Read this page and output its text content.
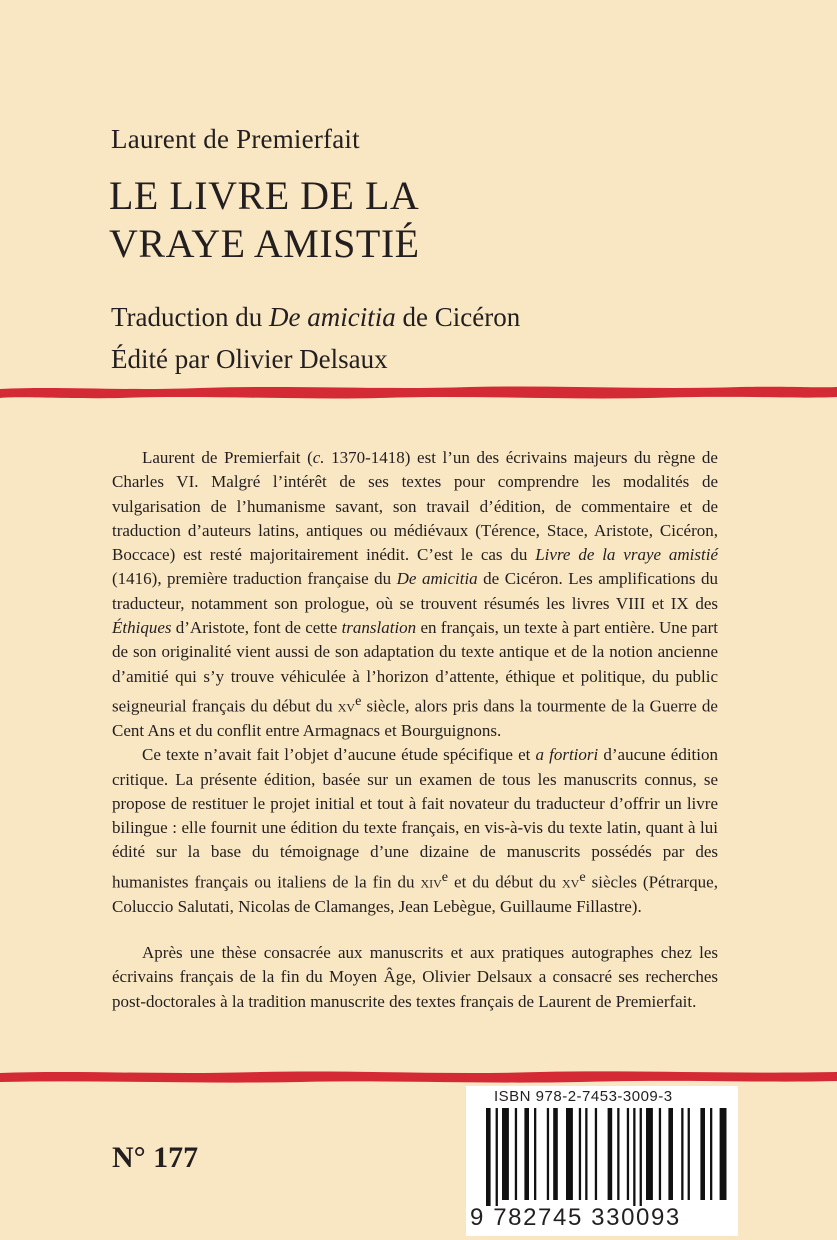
Laurent de Premierfait
LE LIVRE DE LA
VRAYE AMISTIÉ
Traduction du De amicitia de Cicéron
Édité par Olivier Delsaux

Laurent de Premierfait (c. 1370-1418) est l’un des écrivains majeurs du règne de Charles VI. Malgré l’intérêt de ses textes pour comprendre les modalités de vulgarisation de l’humanisme savant, son travail d’édition, de commentaire et de traduction d’auteurs latins, antiques ou médiévaux (Térence, Stace, Aristote, Cicéron, Boccace) est resté majoritairement inédit. C’est le cas du Livre de la vraye amistié (1416), première traduction française du De amicitia de Cicéron. Les amplifications du traducteur, notamment son prologue, où se trouvent résumés les livres VIII et IX des Éthiques d’Aristote, font de cette translation en français, un texte à part entière. Une part de son originalité vient aussi de son adaptation du texte antique et de la notion ancienne d’amitié qui s’y trouve véhiculée à l’horizon d’attente, éthique et politique, du public seigneurial français du début du $xv^e$ siècle, alors pris dans la tourmente de la Guerre de Cent Ans et du conflit entre Armagnacs et Bourguignons.

Ce texte n’avait fait l’objet d’aucune étude spécifique et a fortiori d’aucune édition critique. La présente édition, basée sur un examen de tous les manuscrits connus, se propose de restituer le projet initial et tout à fait novateur du traducteur d’offrir un livre bilingue : elle fournit une édition du texte français, en vis-à-vis du texte latin, quant à lui édité sur la base du témoignage d’une dizaine de manuscrits possédés par des humanistes français ou italiens de la fin du xiv$^e$ et du début du $xv^e$ siècles (Pétrarque, Coluccio Salutati, Nicolas de Clamanges, Jean Lebègue, Guillaume Fillastre).

Après une thèse consacrée aux manuscrits et aux pratiques autographes chez les écrivains français de la fin du Moyen Âge, Olivier Delsaux a consacré ses recherches post-doctorales à la tradition manuscrite des textes français de Laurent de Premierfait.

N° 177
ISBN 978-2-7453-3009-3
9 782745 330093
